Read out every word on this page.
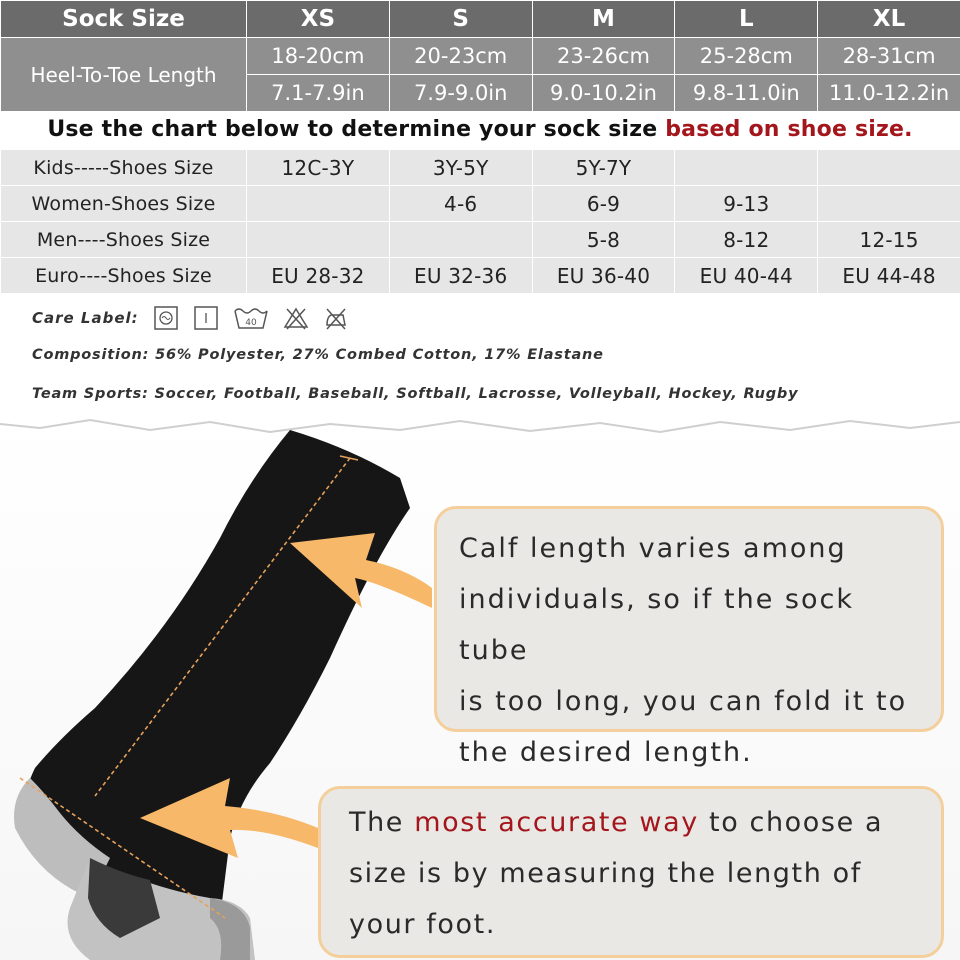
Sock Size	XS	S	M	L	XL
Heel-To-Toe Length	18-20cm	20-23cm	23-26cm	25-28cm	28-31cm
	7.1-7.9in	7.9-9.0in	9.0-10.2in	9.8-11.0in	11.0-12.2in
Use the chart below to determine your sock size based on shoe size.
Kids-----Shoes Size	12C-3Y	3Y-5Y	5Y-7Y		
Women-Shoes Size		4-6	6-9	9-13	
Men----Shoes Size			5-8	8-12	12-15
Euro----Shoes Size	EU 28-32	EU 32-36	EU 36-40	EU 40-44	EU 44-48
Care Label:	40
Composition: 56% Polyester, 27% Combed Cotton, 17% Elastane
Team Sports: Soccer, Football, Baseball, Softball, Lacrosse, Volleyball, Hockey, Rugby
Calf length varies among
individuals, so if the sock tube
is too long, you can fold it to
the desired length.
The most accurate way to choose a
size is by measuring the length of
your foot.
